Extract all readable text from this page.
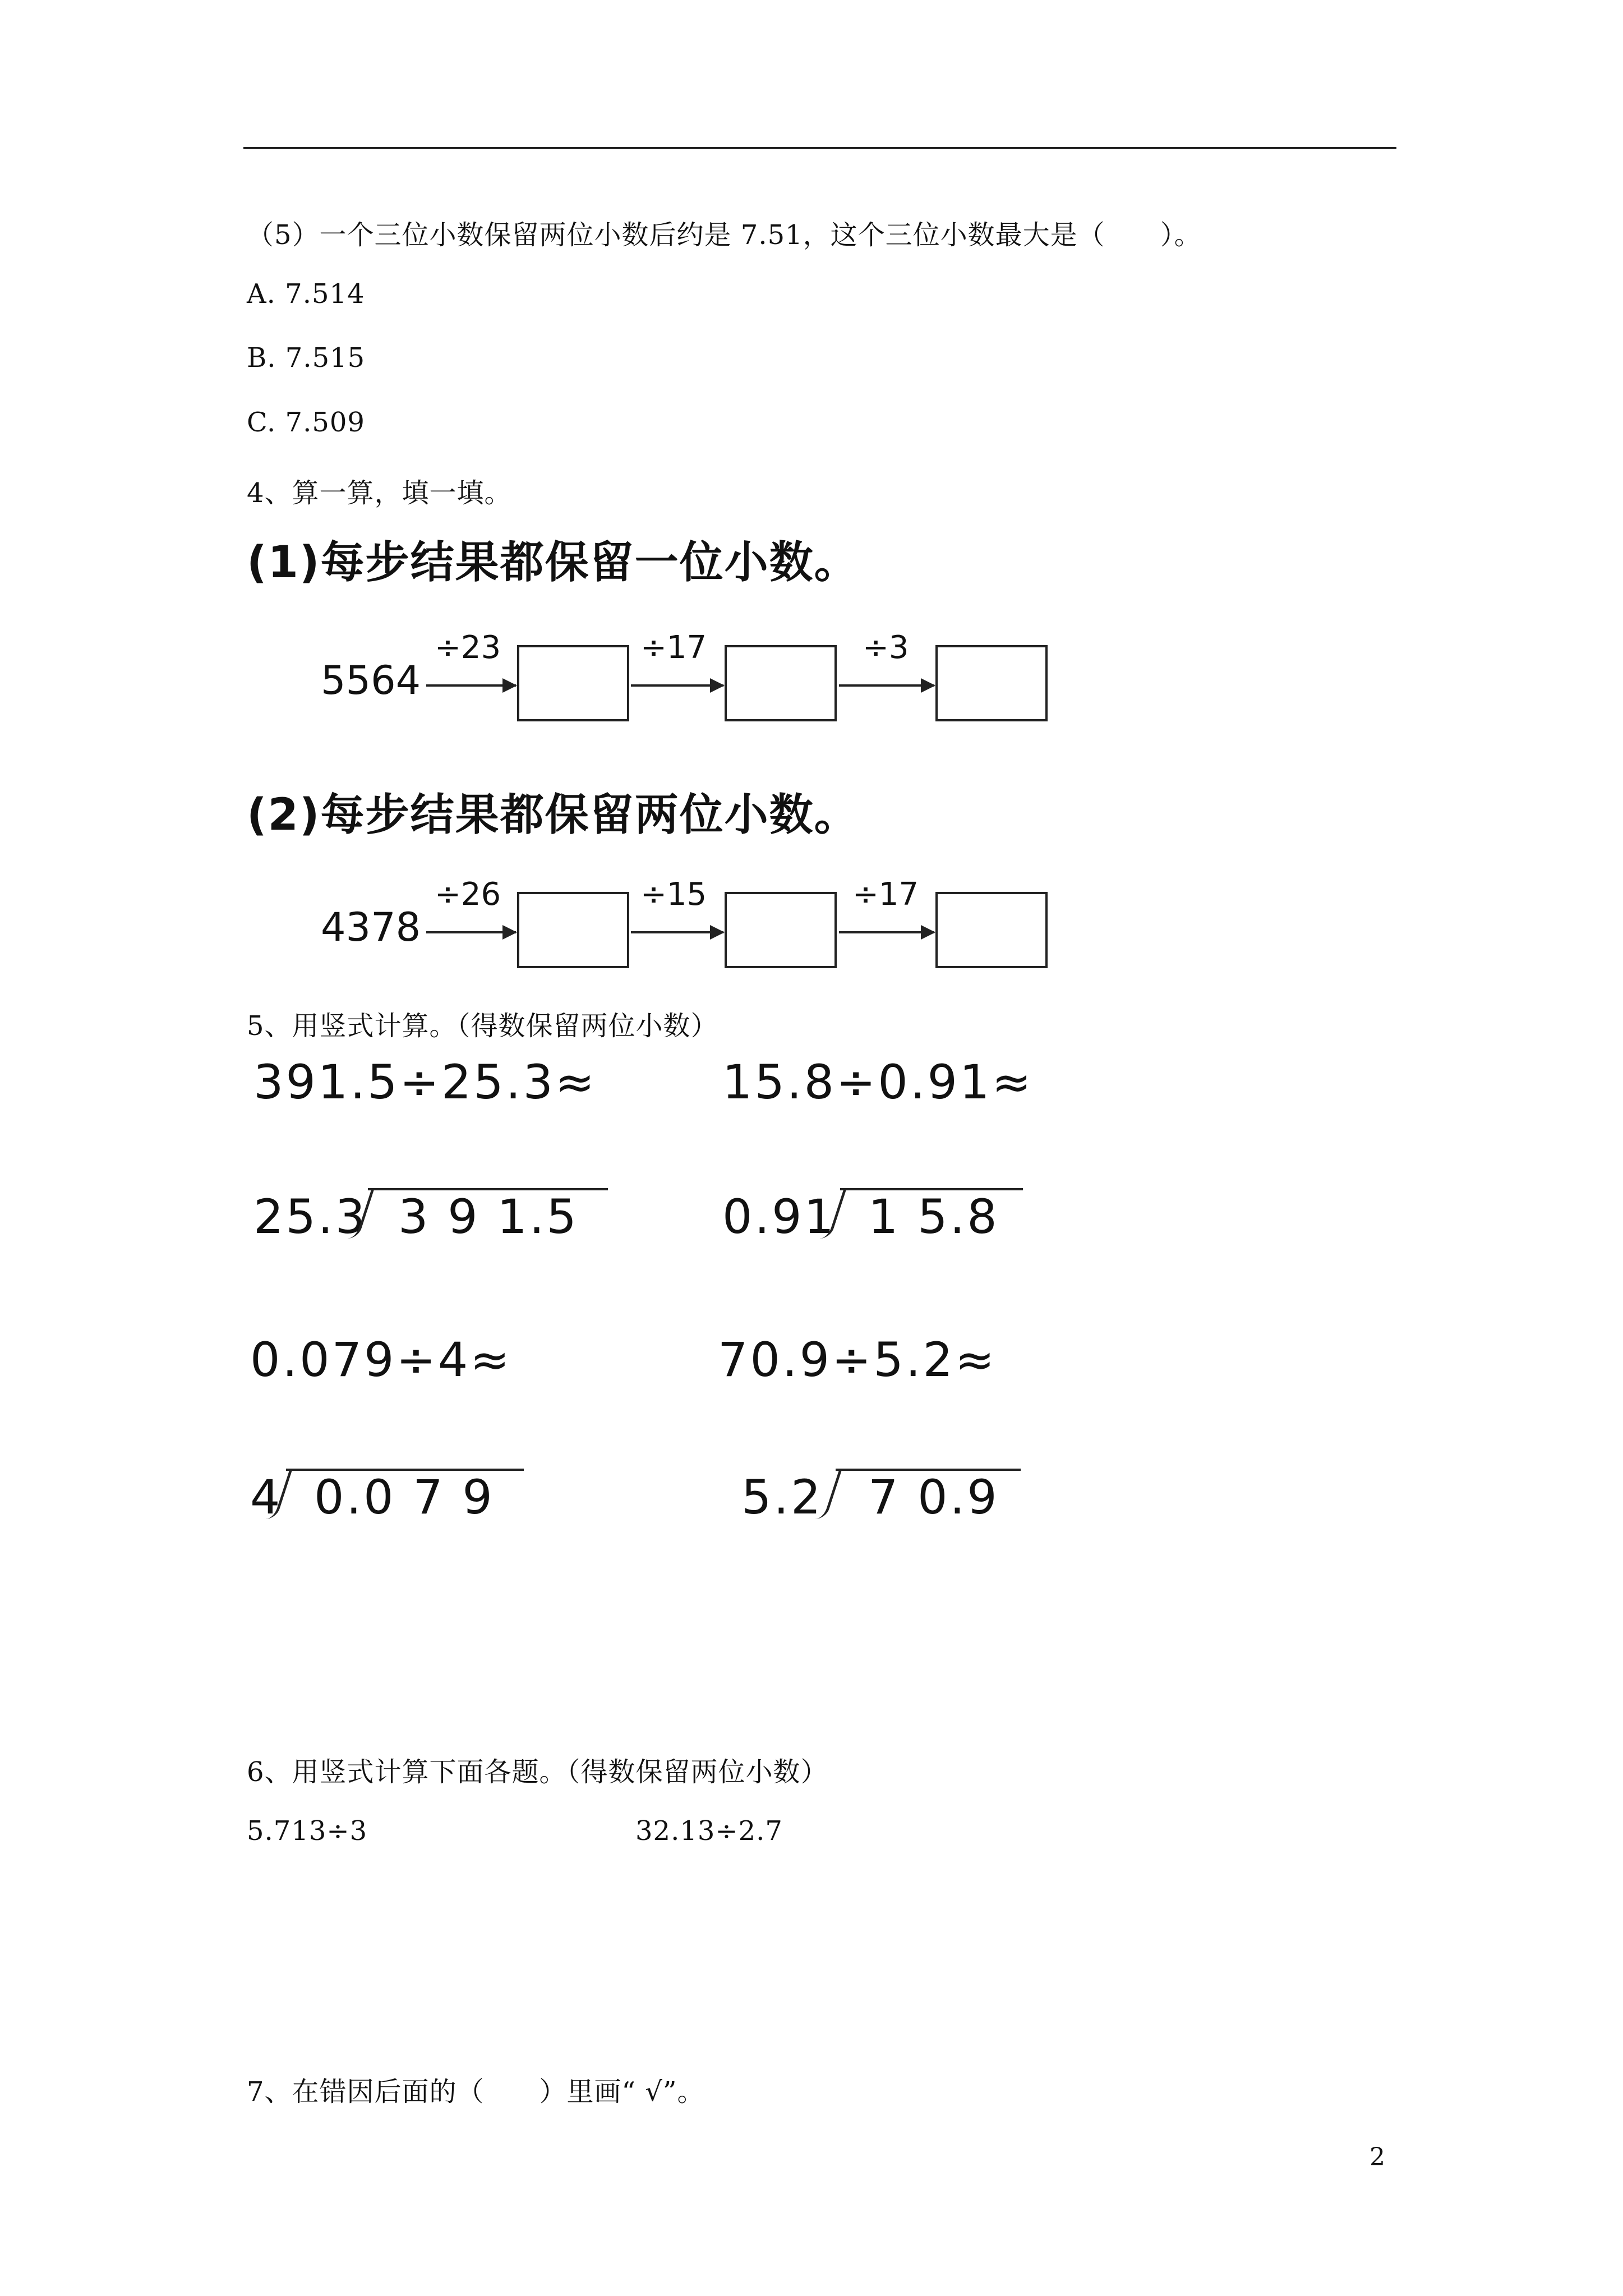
（5）一个三位小数保留两位小数后约是 7.51，这个三位小数最大是（　　）。
A. 7.514
B. 7.515
C. 7.509
4、算一算，填一填。
(1)每步结果都保留一位小数。
5564
÷23	÷17	÷3
(2)每步结果都保留两位小数。
4378
÷26	÷15	÷17
5、用竖式计算。（得数保留两位小数）
391.5÷25.3≈	15.8÷0.91≈
25.3 3 9 1.5	0.91 1 5.8
0.079÷4≈	70.9÷5.2≈
4 0.0 7 9	5.2 7 0.9
6、用竖式计算下面各题。（得数保留两位小数）
5.713÷3	32.13÷2.7
7、在错因后面的（　　）里画“ √”。
2
